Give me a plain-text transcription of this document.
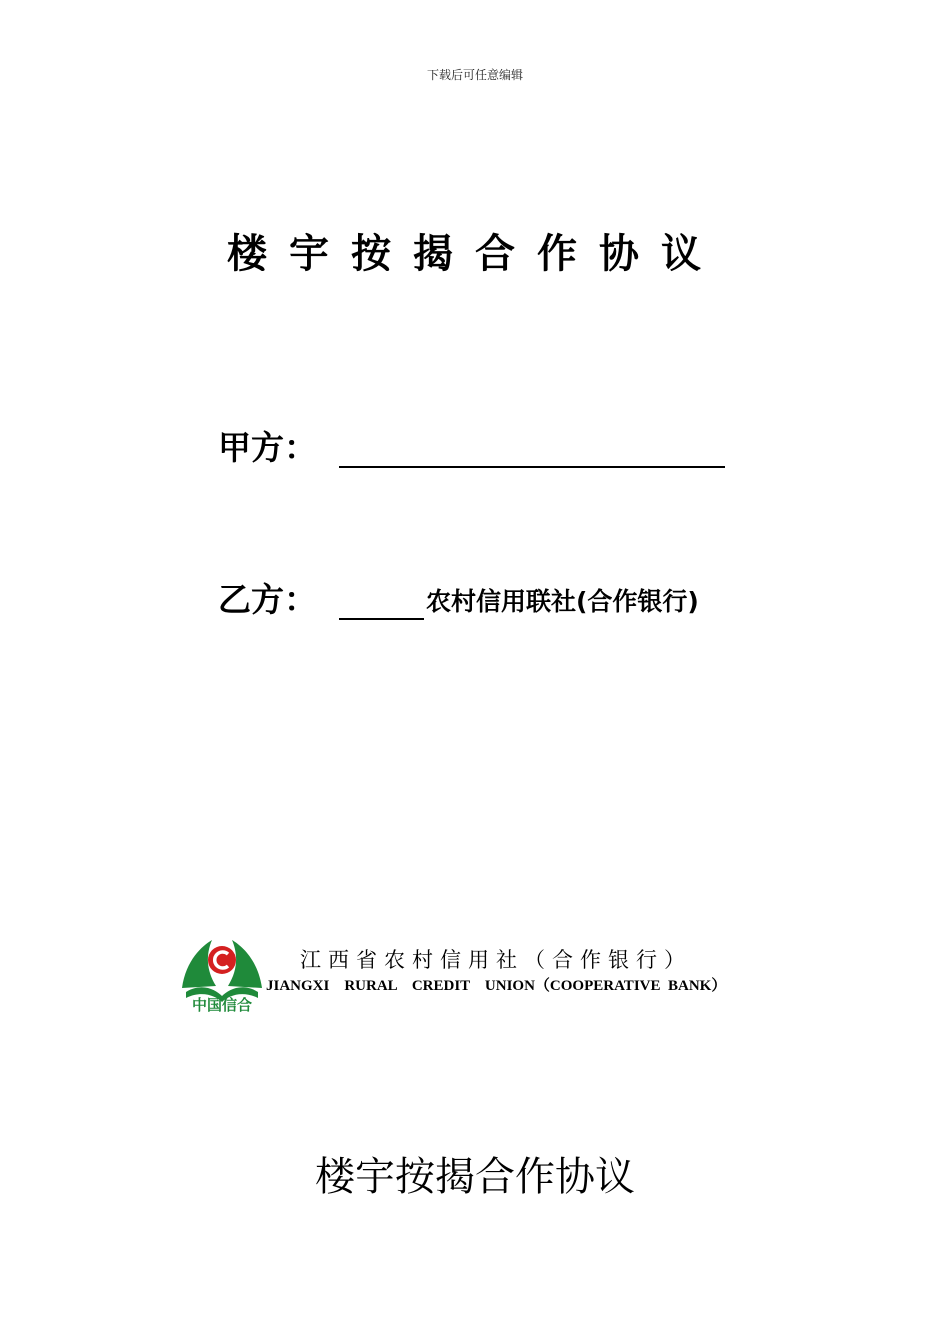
下载后可任意编辑
楼宇按揭合作协议
甲方：
乙方：	农村信用联社(合作银行)
中国信合
江西省农村信用社（合作银行）
JIANGXI    RURAL    CREDIT    UNION（COOPERATIVE  BANK）
楼宇按揭合作协议
